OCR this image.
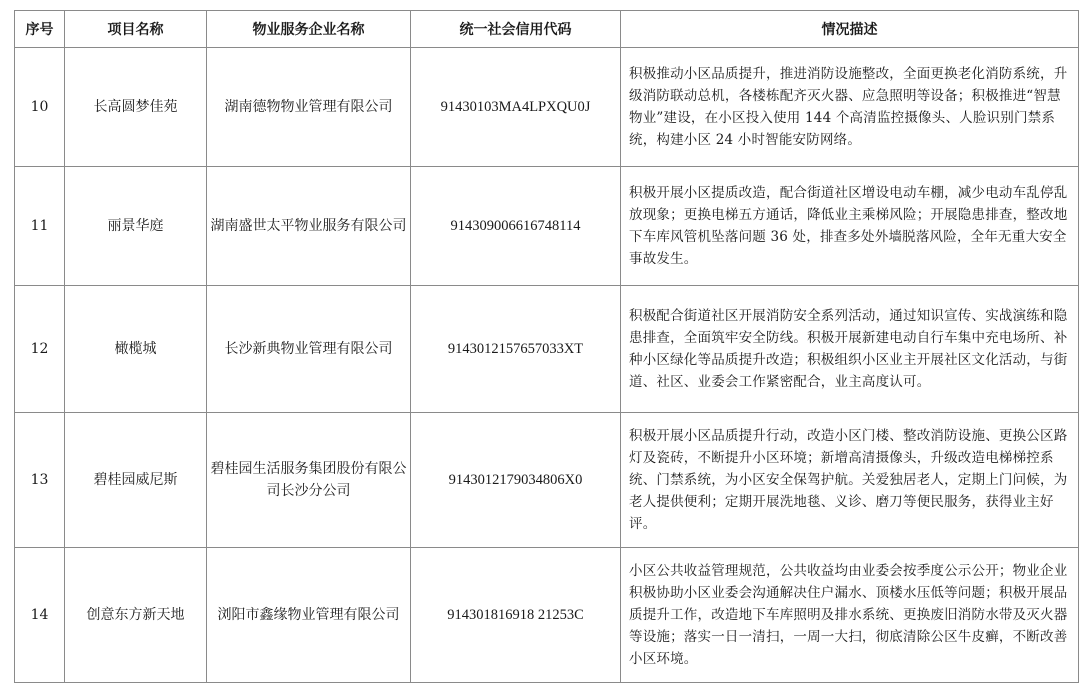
序号	项目名称	物业服务企业名称	统一社会信用代码	情况描述
10	长高圆梦佳苑	湖南德物物业管理有限公司	91430103MA4LPXQU0J	积极推动小区品质提升，推进消防设施整改，全面更换老化消防系统，升级消防联动总机，各楼栋配齐灭火器、应急照明等设备；积极推进“智慧物业”建设，在小区投入使用 144 个高清监控摄像头、人脸识别门禁系统，构建小区 24 小时智能安防网络。
11	丽景华庭	湖南盛世太平物业服务有限公司	914309006616748114	积极开展小区提质改造，配合街道社区增设电动车棚，减少电动车乱停乱放现象；更换电梯五方通话，降低业主乘梯风险；开展隐患排查，整改地下车库风管机坠落问题 36 处，排查多处外墙脱落风险，全年无重大安全事故发生。
12	橄榄城	长沙新典物业管理有限公司	9143012157657033XT	积极配合街道社区开展消防安全系列活动，通过知识宣传、实战演练和隐患排查，全面筑牢安全防线。积极开展新建电动自行车集中充电场所、补种小区绿化等品质提升改造；积极组织小区业主开展社区文化活动，与街道、社区、业委会工作紧密配合，业主高度认可。
13	碧桂园威尼斯	碧桂园生活服务集团股份有限公司长沙分公司	9143012179034806X0	积极开展小区品质提升行动，改造小区门楼、整改消防设施、更换公区路灯及瓷砖，不断提升小区环境；新增高清摄像头，升级改造电梯梯控系统、门禁系统，为小区安全保驾护航。关爱独居老人，定期上门问候，为老人提供便利；定期开展洗地毯、义诊、磨刀等便民服务，获得业主好评。
14	创意东方新天地	浏阳市鑫缘物业管理有限公司	914301816918 21253C	小区公共收益管理规范，公共收益均由业委会按季度公示公开；物业企业积极协助小区业委会沟通解决住户漏水、顶楼水压低等问题；积极开展品质提升工作，改造地下车库照明及排水系统、更换废旧消防水带及灭火器等设施；落实一日一清扫，一周一大扫，彻底清除公区牛皮癣，不断改善小区环境。
